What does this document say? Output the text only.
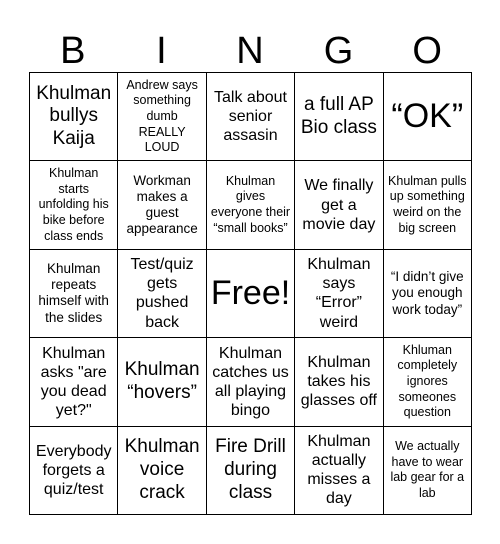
B	I	N	G	O
Khulman bullys Kaija
Andrew says something dumb REALLY LOUD
Talk about senior assasin
a full AP Bio class “OK”
Khulman starts unfolding his bike before class ends
Workman makes a guest appearance
Khulman gives everyone their “small books”
We finally get a movie day
Khulman pulls up something weird on the big screen
Khulman repeats himself with the slides
Test/quiz gets pushed back
Free!
Khulman says “Error” weird
“I didn’t give you enough work today”
Khulman asks "are you dead yet?"
Khulman “hovers”
Khulman catches us all playing bingo
Khulman takes his glasses off
Khluman completely ignores someones question
Everybody forgets a quiz/test
Khulman voice crack
Fire Drill during class
Khulman actually misses a day
We actually have to wear lab gear for a lab
